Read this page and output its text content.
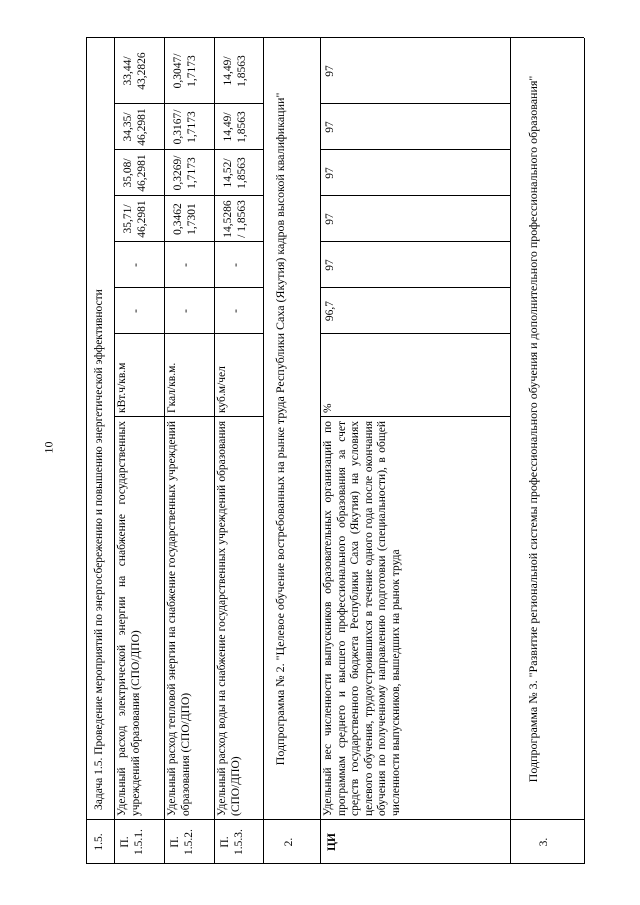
10
1.5.
Задача 1.5. Проведение мероприятий по энергосбережению и повышению энергетической эффективности
П. 1.5.1.
Удельный расход электрической энергии на снабжение государственных учреждений образования (СПО/ДПО)
кВт.ч/кв.м
-
-
35,71/ 46,2981
35,08/ 46,2981
34,35/ 46,2981
33,44/ 43,2826
П. 1.5.2.
Удельный расход тепловой энергии на снабжение государственных учреждений образования (СПО/ДПО)
Гкал/кв.м.
-
-
0,3462 1,7301
0,3269/ 1,7173
0,3167/ 1,7173
0,3047/ 1,7173
П. 1.5.3.
Удельный расход воды на снабжение государственных учреждений образования (СПО/ДПО)
куб.м/чел
-
-
14,5286 / 1,8563
14,52/ 1,8563
14,49/ 1,8563
14,49/ 1,8563
2.
Подпрограмма № 2. "Целевое обучение востребованных на рынке труда Республики Саха (Якутия) кадров высокой квалификации"
ЦИ
Удельный вес численности выпускников образовательных организаций по программам среднего и высшего профессионального образования за счет средств государственного бюджета Республики Саха (Якутия) на условиях целевого обучения, трудоустроившихся в течение одного года после окончания обучения по полученному направлению подготовки (специальности), в общей численности выпускников, вышедших на рынок труда
%
96,7
97
97
97
97
97
3.
Подпрограмма № 3. "Развитие региональной системы профессионального обучения и дополнительного профессионального образования"
